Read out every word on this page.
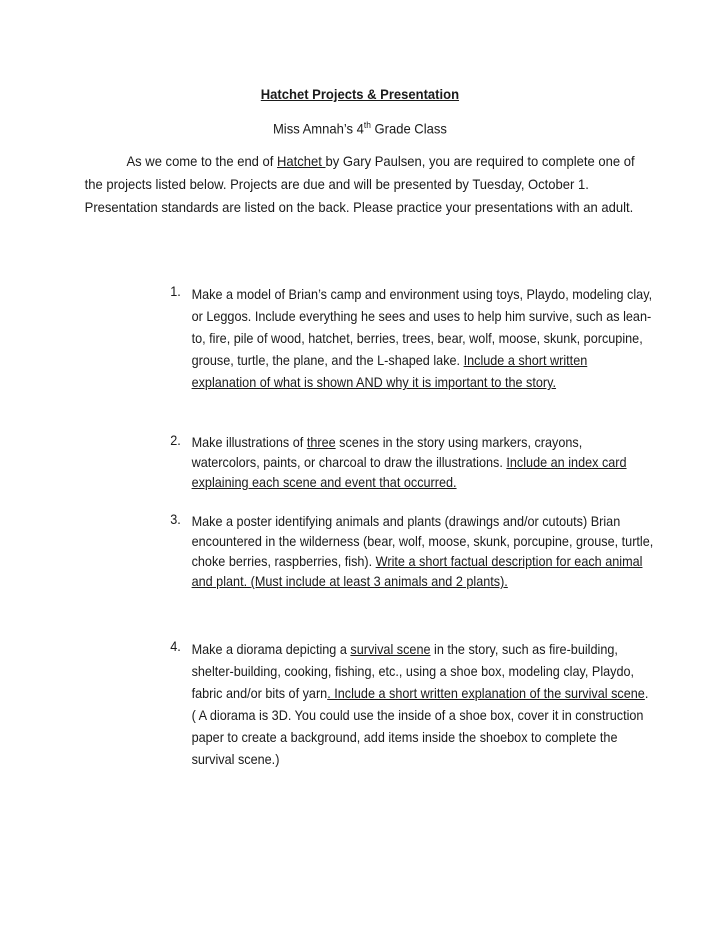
Hatchet Projects & Presentation
Miss Amnah’s 4th Grade Class
As we come to the end of Hatchet by Gary Paulsen, you are required to complete one of the projects listed below. Projects are due and will be presented by Tuesday, October 1. Presentation standards are listed on the back. Please practice your presentations with an adult.
1. Make a model of Brian’s camp and environment using toys, Playdo, modeling clay, or Leggos. Include everything he sees and uses to help him survive, such as lean-to, fire, pile of wood, hatchet, berries, trees, bear, wolf, moose, skunk, porcupine, grouse, turtle, the plane, and the L-shaped lake. Include a short written explanation of what is shown AND why it is important to the story.
2. Make illustrations of three scenes in the story using markers, crayons, watercolors, paints, or charcoal to draw the illustrations. Include an index card explaining each scene and event that occurred.
3. Make a poster identifying animals and plants (drawings and/or cutouts) Brian encountered in the wilderness (bear, wolf, moose, skunk, porcupine, grouse, turtle, choke berries, raspberries, fish). Write a short factual description for each animal and plant. (Must include at least 3 animals and 2 plants).
4. Make a diorama depicting a survival scene in the story, such as fire-building, shelter-building, cooking, fishing, etc., using a shoe box, modeling clay, Playdo, fabric and/or bits of yarn. Include a short written explanation of the survival scene. ( A diorama is 3D. You could use the inside of a shoe box, cover it in construction paper to create a background, add items inside the shoebox to complete the survival scene.)
